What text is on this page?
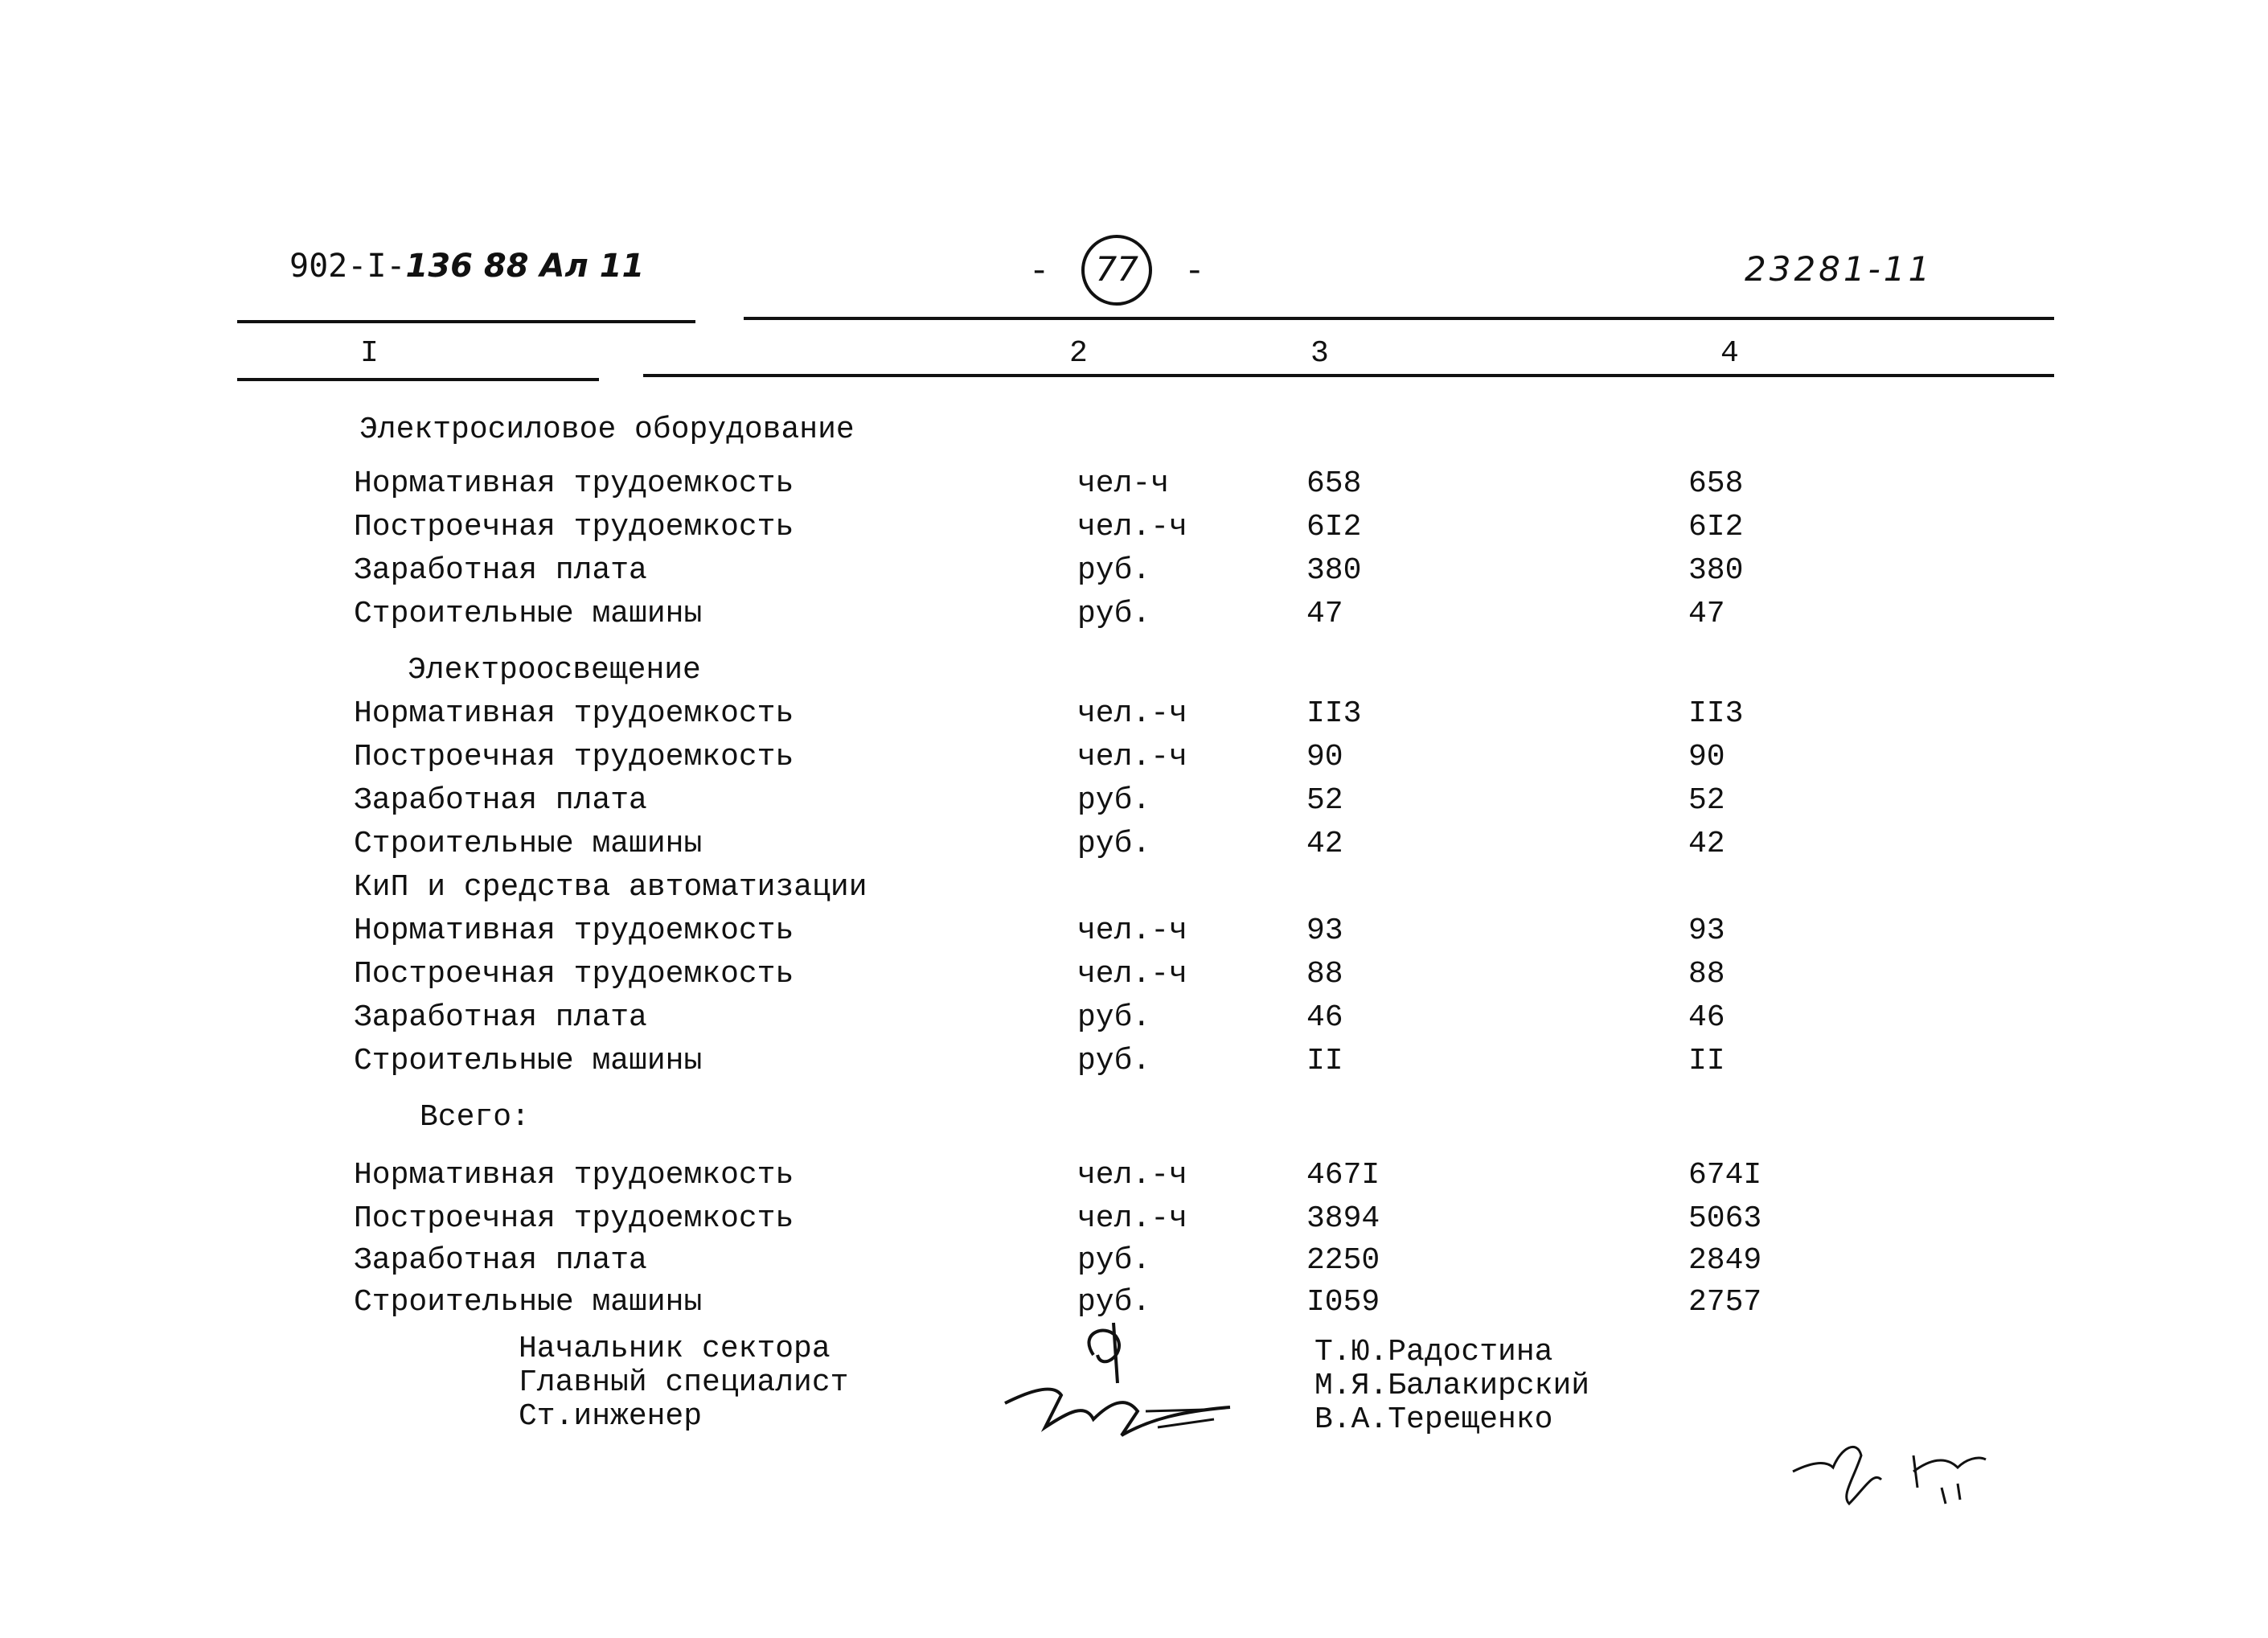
902-I-136 88 Ал 11	- 77 -	23281-11
I	2	3	4
Электросиловое оборудование
Нормативная трудоемкость	чел-ч	658	658
Построечная трудоемкость	чел.-ч	6I2	6I2
Заработная плата	руб.	380	380
Строительные машины	руб.	47	47
Электроосвещение
Нормативная трудоемкость	чел.-ч	II3	II3
Построечная трудоемкость	чел.-ч	90	90
Заработная плата	руб.	52	52
Строительные машины	руб.	42	42
КиП и средства автоматизации
Нормативная трудоемкость	чел.-ч	93	93
Построечная трудоемкость	чел.-ч	88	88
Заработная плата	руб.	46	46
Строительные машины	руб.	II	II
Всего:
Нормативная трудоемкость	чел.-ч	467I	674I
Построечная трудоемкость	чел.-ч	3894	5063
Заработная плата	руб.	2250	2849
Строительные машины	руб.	I059	2757
Начальник сектора
Главный специалист
Ст.инженер
Т.Ю.Радостина
М.Я.Балакирский
В.А.Терещенко
